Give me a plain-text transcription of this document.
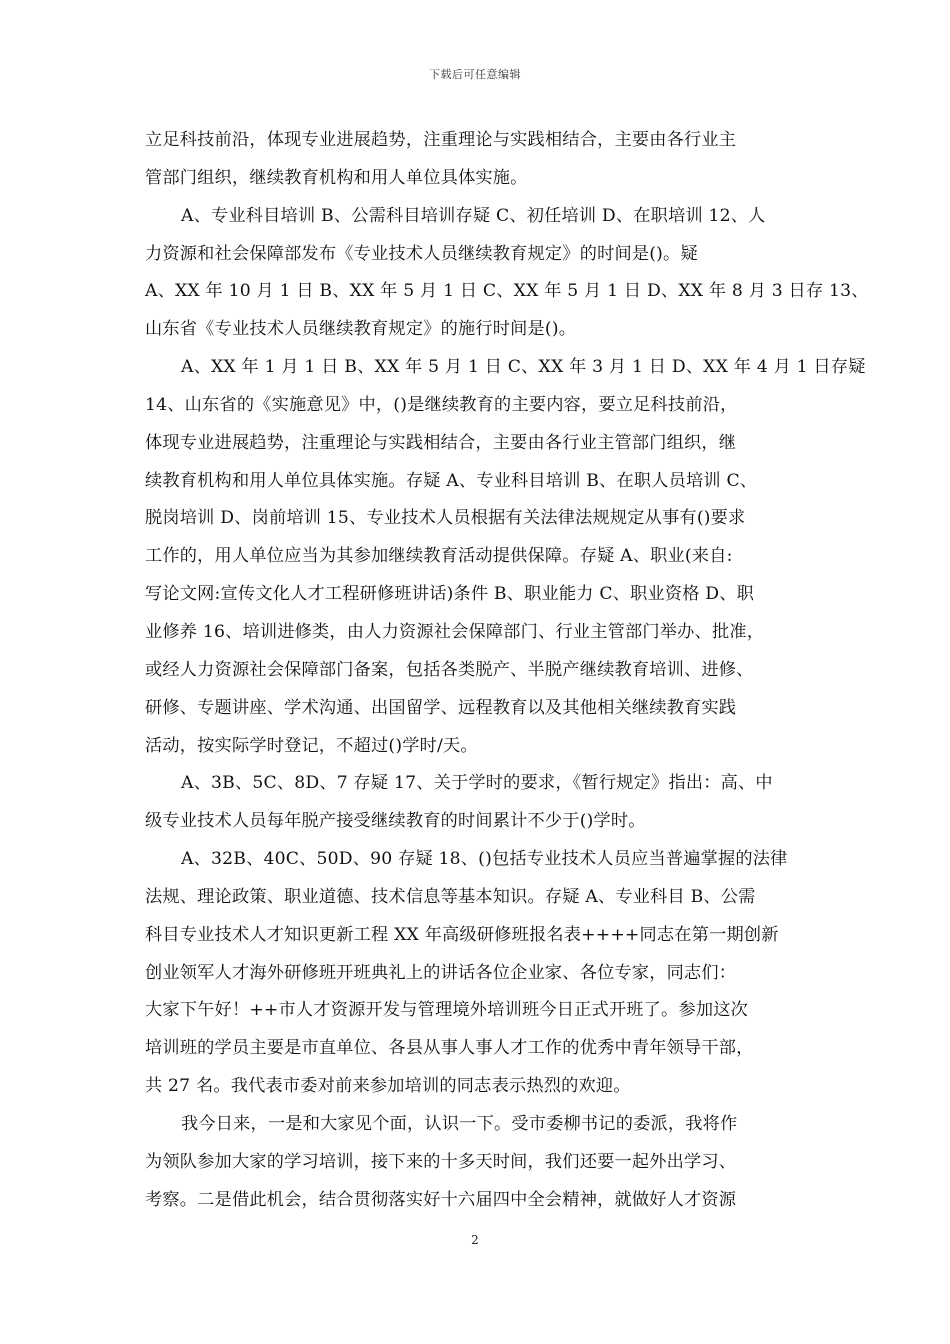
下载后可任意编辑
立足科技前沿，体现专业进展趋势，注重理论与实践相结合，主要由各行业主
管部门组织，继续教育机构和用人单位具体实施。
A、专业科目培训 B、公需科目培训存疑 C、初任培训 D、在职培训 12、人
力资源和社会保障部发布《专业技术人员继续教育规定》的时间是()。疑
A、XX 年 10 月 1 日 B、XX 年 5 月 1 日 C、XX 年 5 月 1 日 D、XX 年 8 月 3 日存 13、
山东省《专业技术人员继续教育规定》的施行时间是()。
A、XX 年 1 月 1 日 B、XX 年 5 月 1 日 C、XX 年 3 月 1 日 D、XX 年 4 月 1 日存疑
14、山东省的《实施意见》中，()是继续教育的主要内容，要立足科技前沿，
体现专业进展趋势，注重理论与实践相结合，主要由各行业主管部门组织，继
续教育机构和用人单位具体实施。存疑 A、专业科目培训 B、在职人员培训 C、
脱岗培训 D、岗前培训 15、专业技术人员根据有关法律法规规定从事有()要求
工作的，用人单位应当为其参加继续教育活动提供保障。存疑 A、职业(来自:
写论文网:宣传文化人才工程研修班讲话)条件 B、职业能力 C、职业资格 D、职
业修养 16、培训进修类，由人力资源社会保障部门、行业主管部门举办、批准，
或经人力资源社会保障部门备案，包括各类脱产、半脱产继续教育培训、进修、
研修、专题讲座、学术沟通、出国留学、远程教育以及其他相关继续教育实践
活动，按实际学时登记，不超过()学时/天。
A、3B、5C、8D、7 存疑 17、关于学时的要求，《暂行规定》指出：高、中
级专业技术人员每年脱产接受继续教育的时间累计不少于()学时。
A、32B、40C、50D、90 存疑 18、()包括专业技术人员应当普遍掌握的法律
法规、理论政策、职业道德、技术信息等基本知识。存疑 A、专业科目 B、公需
科目专业技术人才知识更新工程 XX 年高级研修班报名表++++同志在第一期创新
创业领军人才海外研修班开班典礼上的讲话各位企业家、各位专家，同志们：
大家下午好！++市人才资源开发与管理境外培训班今日正式开班了。参加这次
培训班的学员主要是市直单位、各县从事人事人才工作的优秀中青年领导干部，
共 27 名。我代表市委对前来参加培训的同志表示热烈的欢迎。
我今日来，一是和大家见个面，认识一下。受市委柳书记的委派，我将作
为领队参加大家的学习培训，接下来的十多天时间，我们还要一起外出学习、
考察。二是借此机会，结合贯彻落实好十六届四中全会精神，就做好人才资源
2
